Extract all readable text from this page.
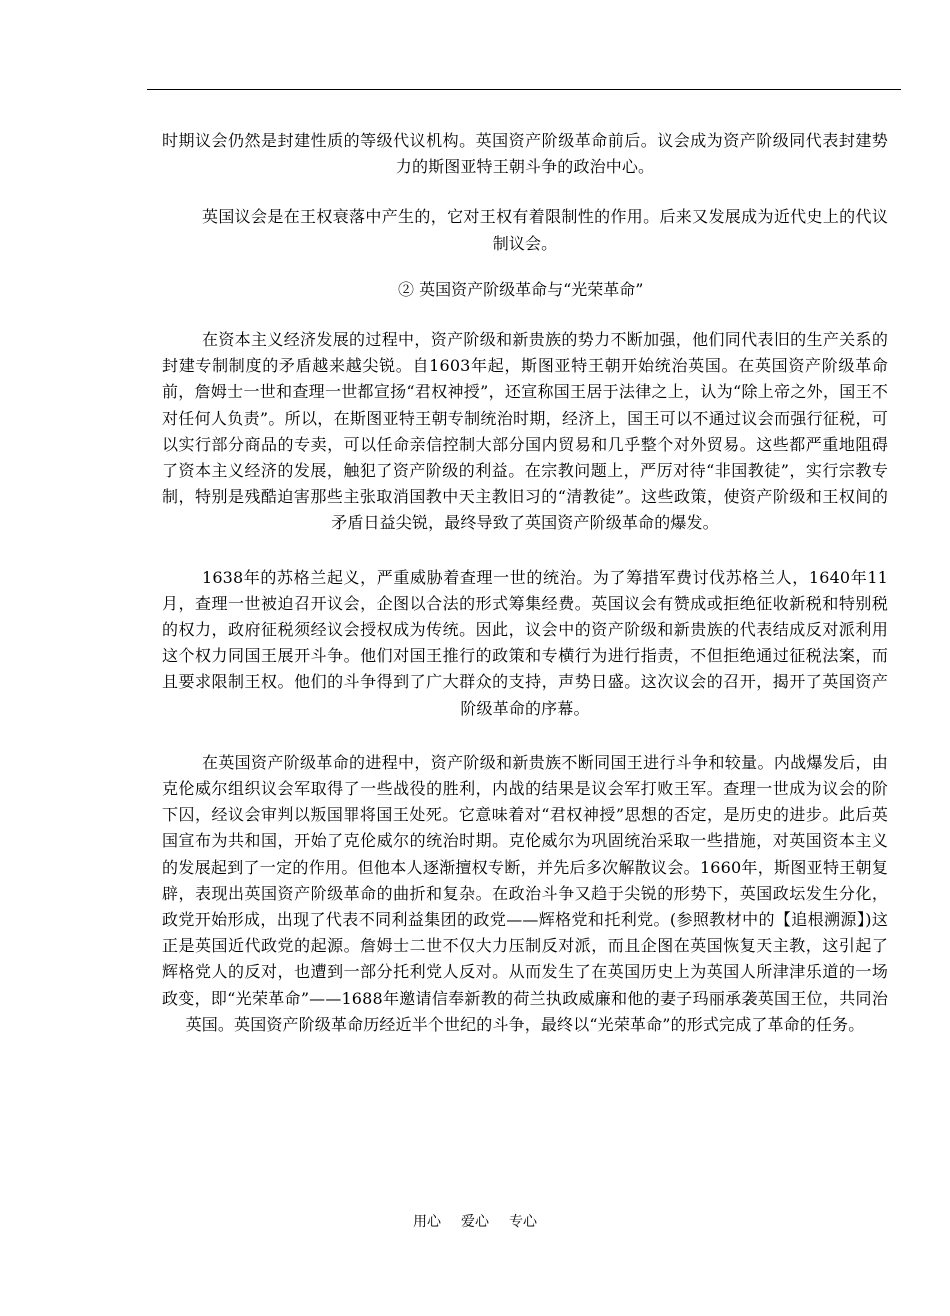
时期议会仍然是封建性质的等级代议机构。英国资产阶级革命前后。议会成为资产阶级同代表封建势力的斯图亚特王朝斗争的政治中心。

英国议会是在王权衰落中产生的，它对王权有着限制性的作用。后来又发展成为近代史上的代议制议会。

② 英国资产阶级革命与“光荣革命”

在资本主义经济发展的过程中，资产阶级和新贵族的势力不断加强，他们同代表旧的生产关系的封建专制制度的矛盾越来越尖锐。自1603年起，斯图亚特王朝开始统治英国。在英国资产阶级革命前，詹姆士一世和查理一世都宣扬“君权神授”，还宣称国王居于法律之上，认为“除上帝之外，国王不对任何人负责”。所以，在斯图亚特王朝专制统治时期，经济上，国王可以不通过议会而强行征税，可以实行部分商品的专卖，可以任命亲信控制大部分国内贸易和几乎整个对外贸易。这些都严重地阻碍了资本主义经济的发展，触犯了资产阶级的利益。在宗教问题上，严厉对待“非国教徒”，实行宗教专制，特别是残酷迫害那些主张取消国教中天主教旧习的“清教徒”。这些政策，使资产阶级和王权间的矛盾日益尖锐，最终导致了英国资产阶级革命的爆发。

1638年的苏格兰起义，严重威胁着查理一世的统治。为了筹措军费讨伐苏格兰人，1640年11月，查理一世被迫召开议会，企图以合法的形式筹集经费。英国议会有赞成或拒绝征收新税和特别税的权力，政府征税须经议会授权成为传统。因此，议会中的资产阶级和新贵族的代表结成反对派利用这个权力同国王展开斗争。他们对国王推行的政策和专横行为进行指责，不但拒绝通过征税法案，而且要求限制王权。他们的斗争得到了广大群众的支持，声势日盛。这次议会的召开，揭开了英国资产阶级革命的序幕。

在英国资产阶级革命的进程中，资产阶级和新贵族不断同国王进行斗争和较量。内战爆发后，由克伦威尔组织议会军取得了一些战役的胜利，内战的结果是议会军打败王军。查理一世成为议会的阶下囚，经议会审判以叛国罪将国王处死。它意味着对“君权神授”思想的否定，是历史的进步。此后英国宣布为共和国，开始了克伦威尔的统治时期。克伦威尔为巩固统治采取一些措施，对英国资本主义的发展起到了一定的作用。但他本人逐渐擅权专断，并先后多次解散议会。1660年，斯图亚特王朝复辟，表现出英国资产阶级革命的曲折和复杂。在政治斗争又趋于尖锐的形势下，英国政坛发生分化，政党开始形成，出现了代表不同利益集团的政党——辉格党和托利党。(参照教材中的【追根溯源】)这正是英国近代政党的起源。詹姆士二世不仅大力压制反对派，而且企图在英国恢复天主教，这引起了辉格党人的反对，也遭到一部分托利党人反对。从而发生了在英国历史上为英国人所津津乐道的一场政变，即“光荣革命”——1688年邀请信奉新教的荷兰执政威廉和他的妻子玛丽承袭英国王位，共同治英国。英国资产阶级革命历经近半个世纪的斗争，最终以“光荣革命”的形式完成了革命的任务。

用心 爱心 专心
